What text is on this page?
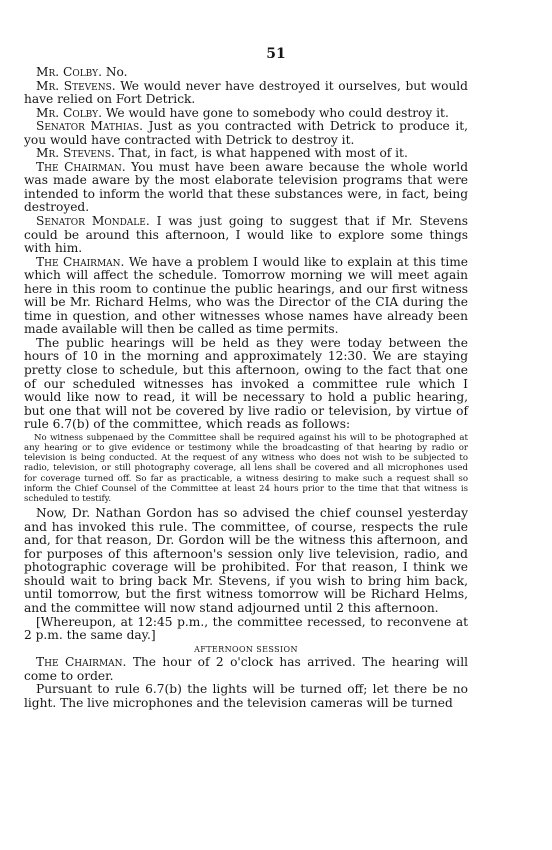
51

Mr. Colby. No.

Mr. Stevens. We would never have destroyed it ourselves, but would have relied on Fort Detrick.

Mr. Colby. We would have gone to somebody who could destroy it.

Senator Mathias. Just as you contracted with Detrick to produce it, you would have contracted with Detrick to destroy it.

Mr. Stevens. That, in fact, is what happened with most of it.

The Chairman. You must have been aware because the whole world was made aware by the most elaborate television programs that were intended to inform the world that these substances were, in fact, being destroyed.

Senator Mondale. I was just going to suggest that if Mr. Stevens could be around this afternoon, I would like to explore some things with him.

The Chairman. We have a problem I would like to explain at this time which will affect the schedule. Tomorrow morning we will meet again here in this room to continue the public hearings, and our first witness will be Mr. Richard Helms, who was the Director of the CIA during the time in question, and other witnesses whose names have already been made available will then be called as time permits.

The public hearings will be held as they were today between the hours of 10 in the morning and approximately 12:30. We are staying pretty close to schedule, but this afternoon, owing to the fact that one of our scheduled witnesses has invoked a committee rule which I would like now to read, it will be necessary to hold a public hearing, but one that will not be covered by live radio or television, by virtue of rule 6.7(b) of the committee, which reads as follows:

No witness subpenaed by the Committee shall be required against his will to be photographed at any hearing or to give evidence or testimony while the broadcasting of that hearing by radio or television is being conducted. At the request of any witness who does not wish to be subjected to radio, television, or still photography coverage, all lens shall be covered and all microphones used for coverage turned off. So far as practicable, a witness desiring to make such a request shall so inform the Chief Counsel of the Committee at least 24 hours prior to the time that that witness is scheduled to testify.

Now, Dr. Nathan Gordon has so advised the chief counsel yesterday and has invoked this rule. The committee, of course, respects the rule and, for that reason, Dr. Gordon will be the witness this afternoon, and for purposes of this afternoon's session only live television, radio, and photographic coverage will be prohibited. For that reason, I think we should wait to bring back Mr. Stevens, if you wish to bring him back, until tomorrow, but the first witness tomorrow will be Richard Helms, and the committee will now stand adjourned until 2 this afternoon.

[Whereupon, at 12:45 p.m., the committee recessed, to reconvene at 2 p.m. the same day.]

AFTERNOON SESSION

The Chairman. The hour of 2 o'clock has arrived. The hearing will come to order.

Pursuant to rule 6.7(b) the lights will be turned off; let there be no light. The live microphones and the television cameras will be turned
